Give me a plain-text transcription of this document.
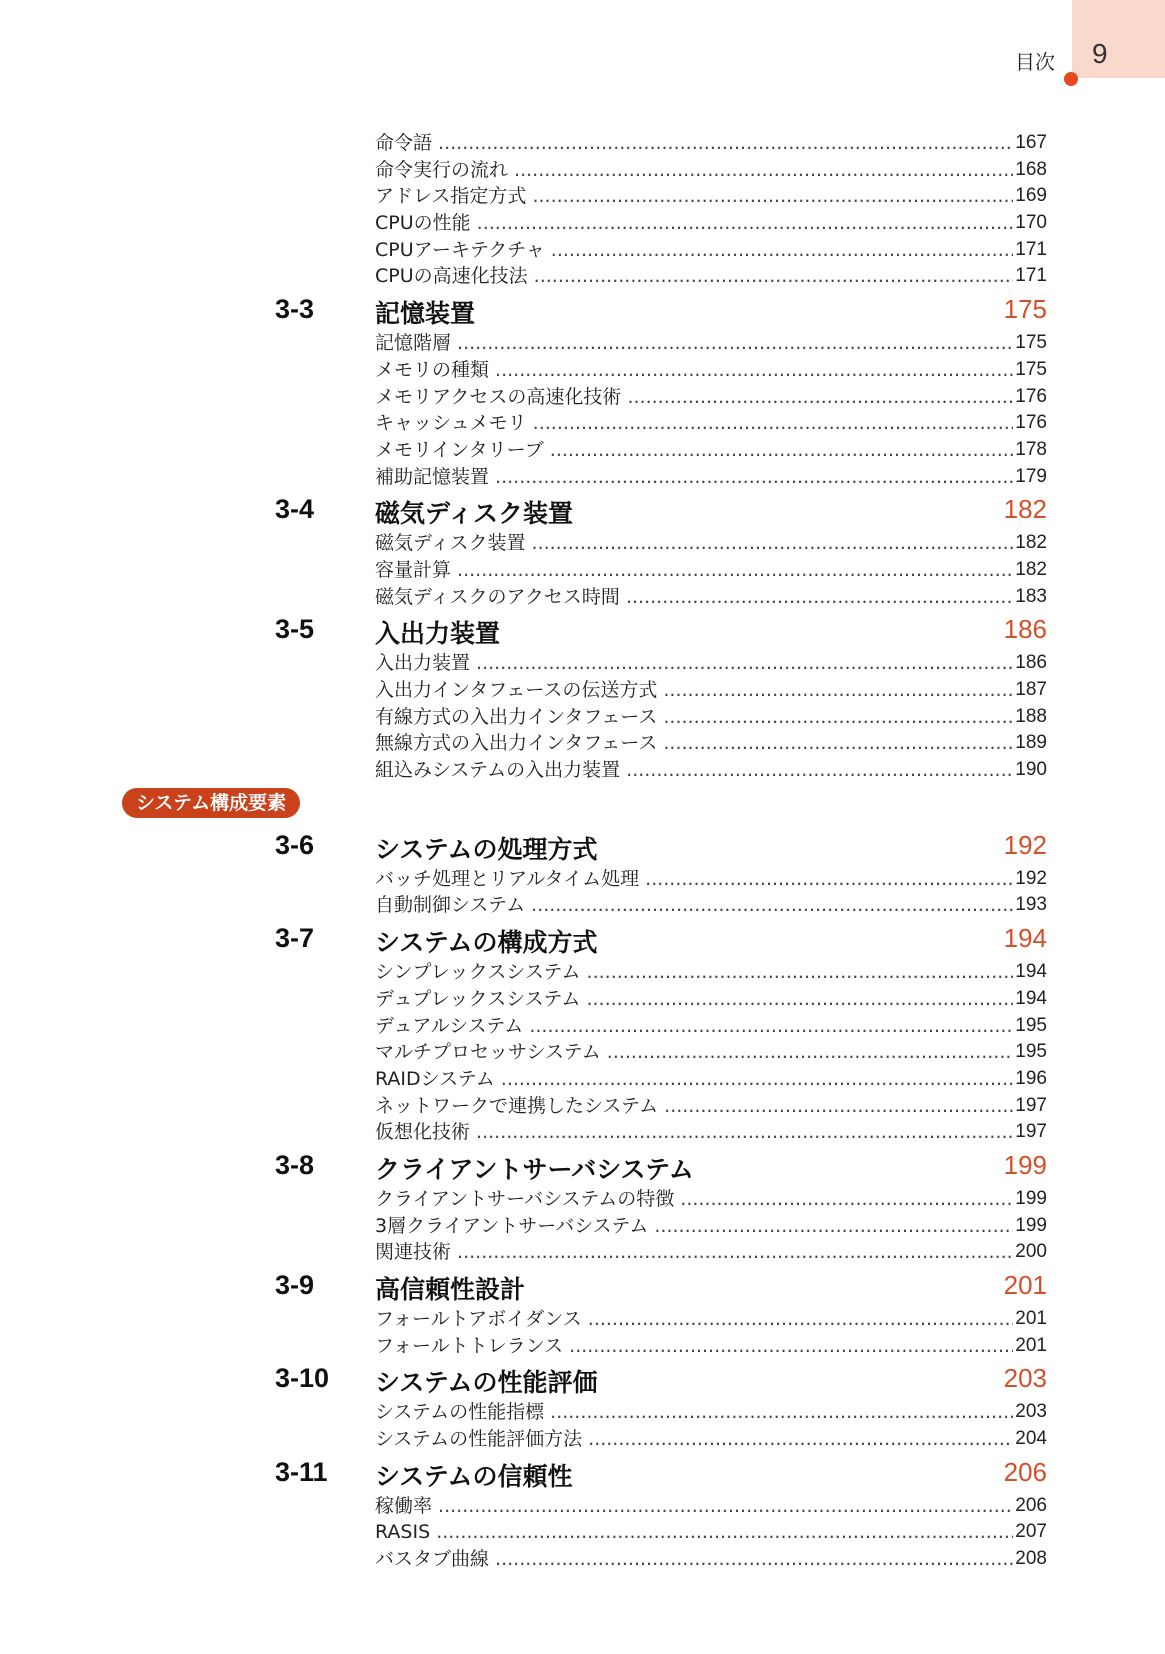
目次 9
命令語 .....	167
命令実行の流れ .....	168
アドレス指定方式 .....	169
CPUの性能 .....	170
CPUアーキテクチャ .....	171
CPUの高速化技法 .....	171
3-3 記憶装置	175
記憶階層 .....	175
メモリの種類 .....	175
メモリアクセスの高速化技術 .....	176
キャッシュメモリ .....	176
メモリインタリーブ .....	178
補助記憶装置 .....	179
3-4 磁気ディスク装置	182
磁気ディスク装置 .....	182
容量計算 .....	182
磁気ディスクのアクセス時間 .....	183
3-5 入出力装置	186
入出力装置 .....	186
入出力インタフェースの伝送方式 .....	187
有線方式の入出力インタフェース .....	188
無線方式の入出力インタフェース .....	189
組込みシステムの入出力装置 .....	190
システム構成要素
3-6 システムの処理方式	192
バッチ処理とリアルタイム処理 .....	192
自動制御システム .....	193
3-7 システムの構成方式	194
シンプレックスシステム .....	194
デュプレックスシステム .....	194
デュアルシステム .....	195
マルチプロセッサシステム .....	195
RAIDシステム .....	196
ネットワークで連携したシステム .....	197
仮想化技術 .....	197
3-8 クライアントサーバシステム	199
クライアントサーバシステムの特徴 .....	199
3層クライアントサーバシステム .....	199
関連技術 .....	200
3-9 高信頼性設計	201
フォールトアボイダンス .....	201
フォールトトレランス .....	201
3-10 システムの性能評価	203
システムの性能指標 .....	203
システムの性能評価方法 .....	204
3-11 システムの信頼性	206
稼働率 .....	206
RASIS .....	207
バスタブ曲線 .....	208
